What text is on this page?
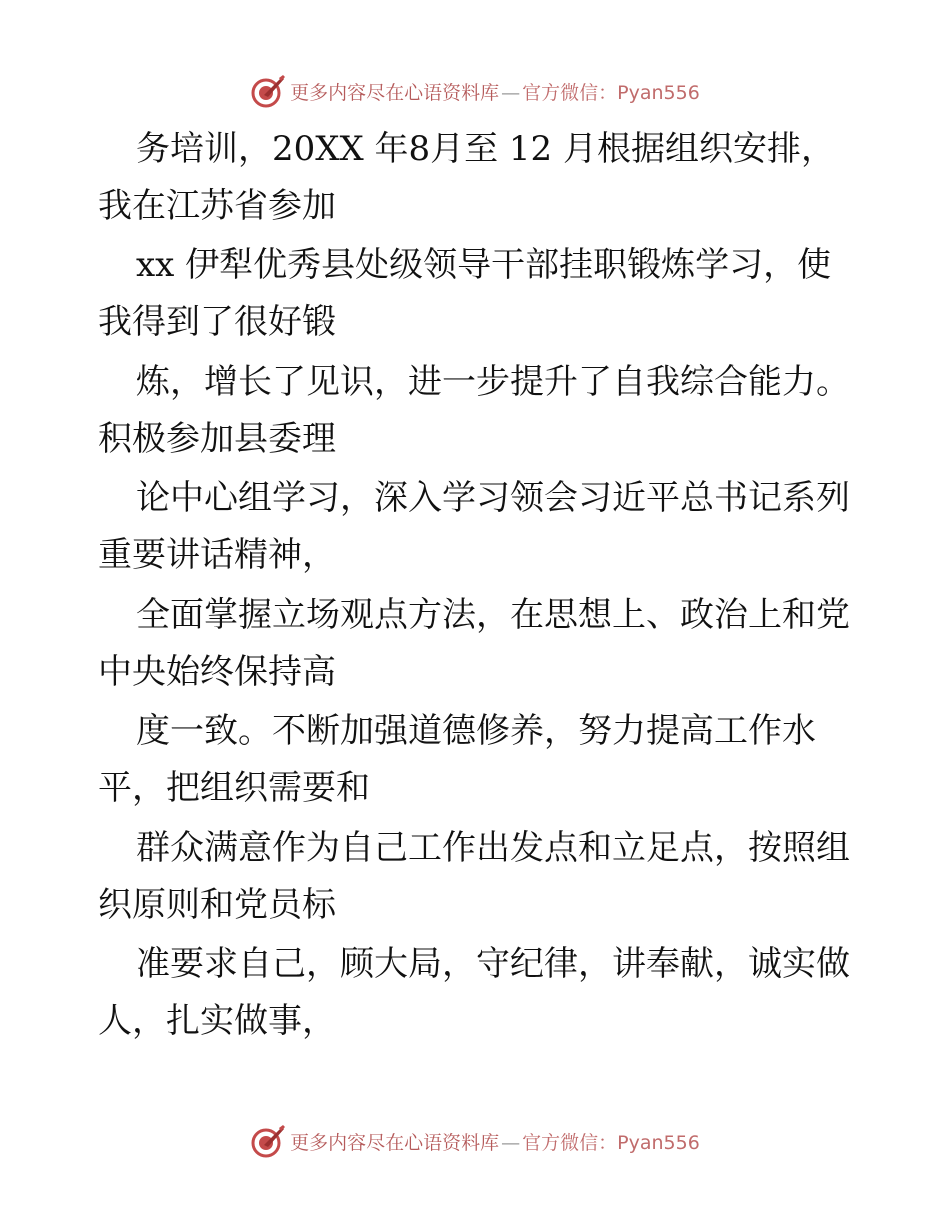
更多内容尽在心语资料库 — 官方微信：Pyan556
务培训，20XX 年8月至 12 月根据组织安排，
我在江苏省参加
xx 伊犁优秀县处级领导干部挂职锻炼学习，使
我得到了很好锻
炼，增长了见识，进一步提升了自我综合能力。
积极参加县委理
论中心组学习，深入学习领会习近平总书记系列
重要讲话精神，
全面掌握立场观点方法，在思想上、政治上和党
中央始终保持高
度一致。不断加强道德修养，努力提高工作水
平，把组织需要和
群众满意作为自己工作出发点和立足点，按照组
织原则和党员标
准要求自己，顾大局，守纪律，讲奉献，诚实做
人，扎实做事，
更多内容尽在心语资料库 — 官方微信：Pyan556
